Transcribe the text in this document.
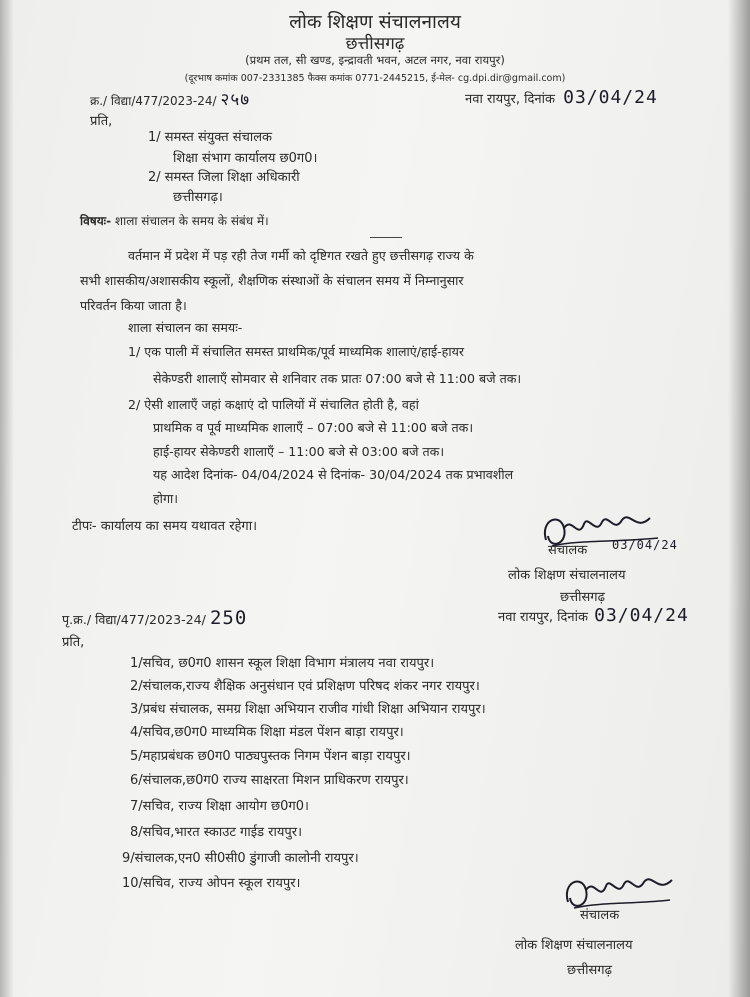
लोक शिक्षण संचालनालय
छत्तीसगढ़
(प्रथम तल, सी खण्ड, इन्द्रावती भवन, अटल नगर, नवा रायपुर)
(दूरभाष कमांक 007-2331385 फैक्स कमांक 0771-2445215, ई-मेल- cg.dpi.dir@gmail.com)
क्र./ विद्या/477/2023-24/ २५७	नवा रायपुर, दिनांक 03/04/24
प्रति,
1/ समस्त संयुक्त संचालक
शिक्षा संभाग कार्यालय छ0ग0।
2/ समस्त जिला शिक्षा अधिकारी
छत्तीसगढ़।
विषयः- शाला संचालन के समय के संबंध में।
वर्तमान में प्रदेश में पड़ रही तेज गर्मी को दृष्टिगत रखते हुए छत्तीसगढ़ राज्य के
सभी शासकीय/अशासकीय स्कूलों, शैक्षणिक संस्थाओं के संचालन समय में निम्नानुसार
परिवर्तन किया जाता है।
शाला संचालन का समयः-
1/ एक पाली में संचालित समस्त प्राथमिक/पूर्व माध्यमिक शालाएं/हाई-हायर
सेकेण्डरी शालाएँ सोमवार से शनिवार तक प्रातः 07:00 बजे से 11:00 बजे तक।
2/ ऐसी शालाएँ जहां कक्षाएं दो पालियों में संचालित होती है, वहां
प्राथमिक व पूर्व माध्यमिक शालाएँ – 07:00 बजे से 11:00 बजे तक।
हाई-हायर सेकेण्डरी शालाएँ – 11:00 बजे से 03:00 बजे तक।
यह आदेश दिनांक- 04/04/2024 से दिनांक- 30/04/2024 तक प्रभावशील
होगा।
टीपः- कार्यालय का समय यथावत रहेगा।
संचालक 03/04/24
लोक शिक्षण संचालनालय
छत्तीसगढ़
पृ.क्र./ विद्या/477/2023-24/ 250	नवा रायपुर, दिनांक 03/04/24
प्रति,
1/सचिव, छ0ग0 शासन स्कूल शिक्षा विभाग मंत्रालय नवा रायपुर।
2/संचालक,राज्य शैक्षिक अनुसंधान एवं प्रशिक्षण परिषद शंकर नगर रायपुर।
3/प्रबंध संचालक, समग्र शिक्षा अभियान राजीव गांधी शिक्षा अभियान रायपुर।
4/सचिव,छ0ग0 माध्यमिक शिक्षा मंडल पेंशन बाड़ा रायपुर।
5/महाप्रबंधक छ0ग0 पाठ्यपुस्तक निगम पेंशन बाड़ा रायपुर।
6/संचालक,छ0ग0 राज्य साक्षरता मिशन प्राधिकरण रायपुर।
7/सचिव, राज्य शिक्षा आयोग छ0ग0।
8/सचिव,भारत स्काउट गाईड रायपुर।
9/संचालक,एन0 सी0सी0 डुंगाजी कालोनी रायपुर।
10/सचिव, राज्य ओपन स्कूल रायपुर।
संचालक
लोक शिक्षण संचालनालय
छत्तीसगढ़
